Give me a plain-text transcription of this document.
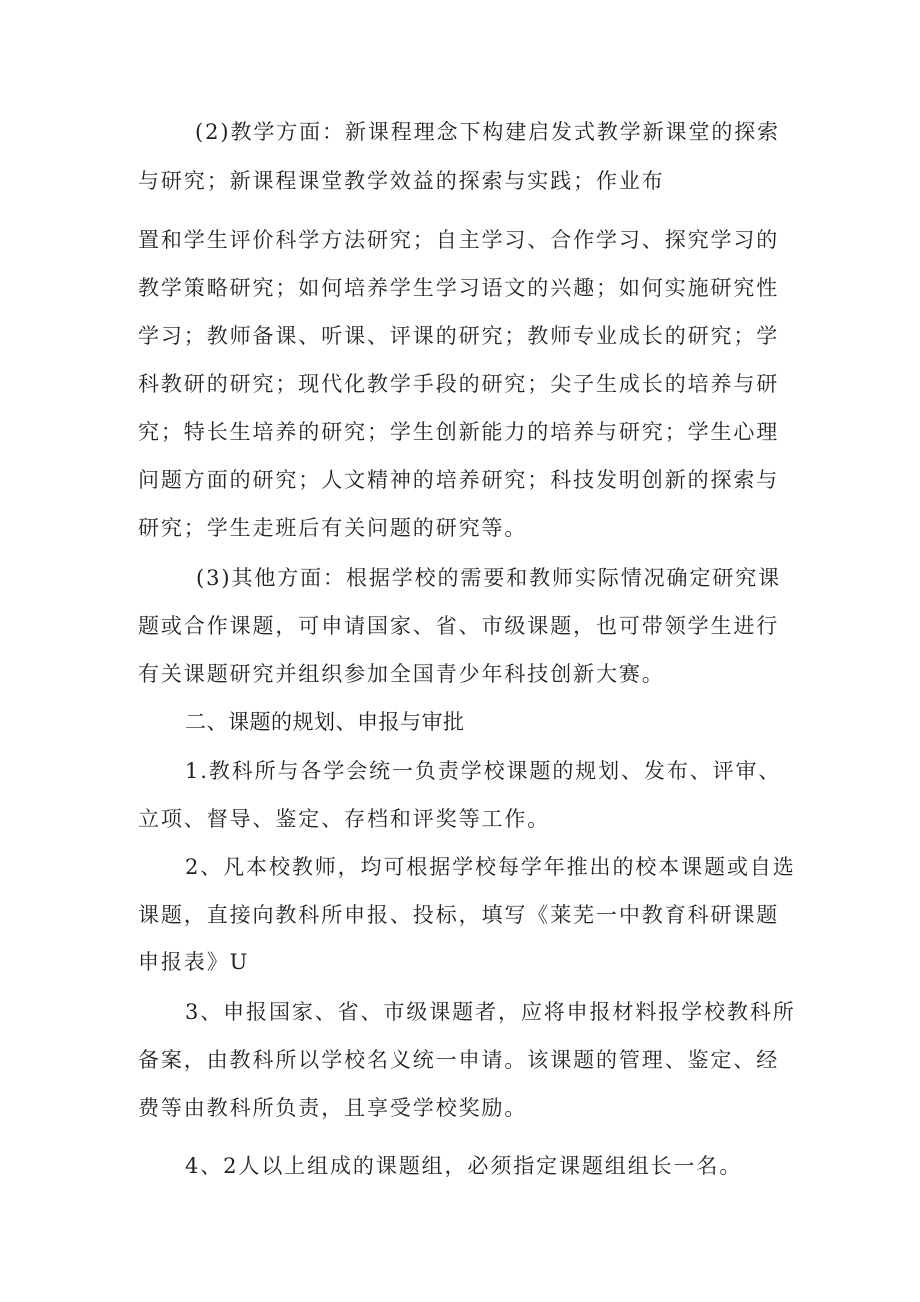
(2)教学方面：新课程理念下构建启发式教学新课堂的探索
与研究；新课程课堂教学效益的探索与实践；作业布
置和学生评价科学方法研究；自主学习、合作学习、探究学习的
教学策略研究；如何培养学生学习语文的兴趣；如何实施研究性
学习；教师备课、听课、评课的研究；教师专业成长的研究；学
科教研的研究；现代化教学手段的研究；尖子生成长的培养与研
究；特长生培养的研究；学生创新能力的培养与研究；学生心理
问题方面的研究；人文精神的培养研究；科技发明创新的探索与
研究；学生走班后有关问题的研究等。
(3)其他方面：根据学校的需要和教师实际情况确定研究课
题或合作课题，可申请国家、省、市级课题，也可带领学生进行
有关课题研究并组织参加全国青少年科技创新大赛。
二、课题的规划、申报与审批
1.教科所与各学会统一负责学校课题的规划、发布、评审、
立项、督导、鉴定、存档和评奖等工作。
2、凡本校教师，均可根据学校每学年推出的校本课题或自选
课题，直接向教科所申报、投标，填写《莱芜一中教育科研课题
申报表》U
3、申报国家、省、市级课题者，应将申报材料报学校教科所
备案，由教科所以学校名义统一申请。该课题的管理、鉴定、经
费等由教科所负责，且享受学校奖励。
4、2人以上组成的课题组，必须指定课题组组长一名。
